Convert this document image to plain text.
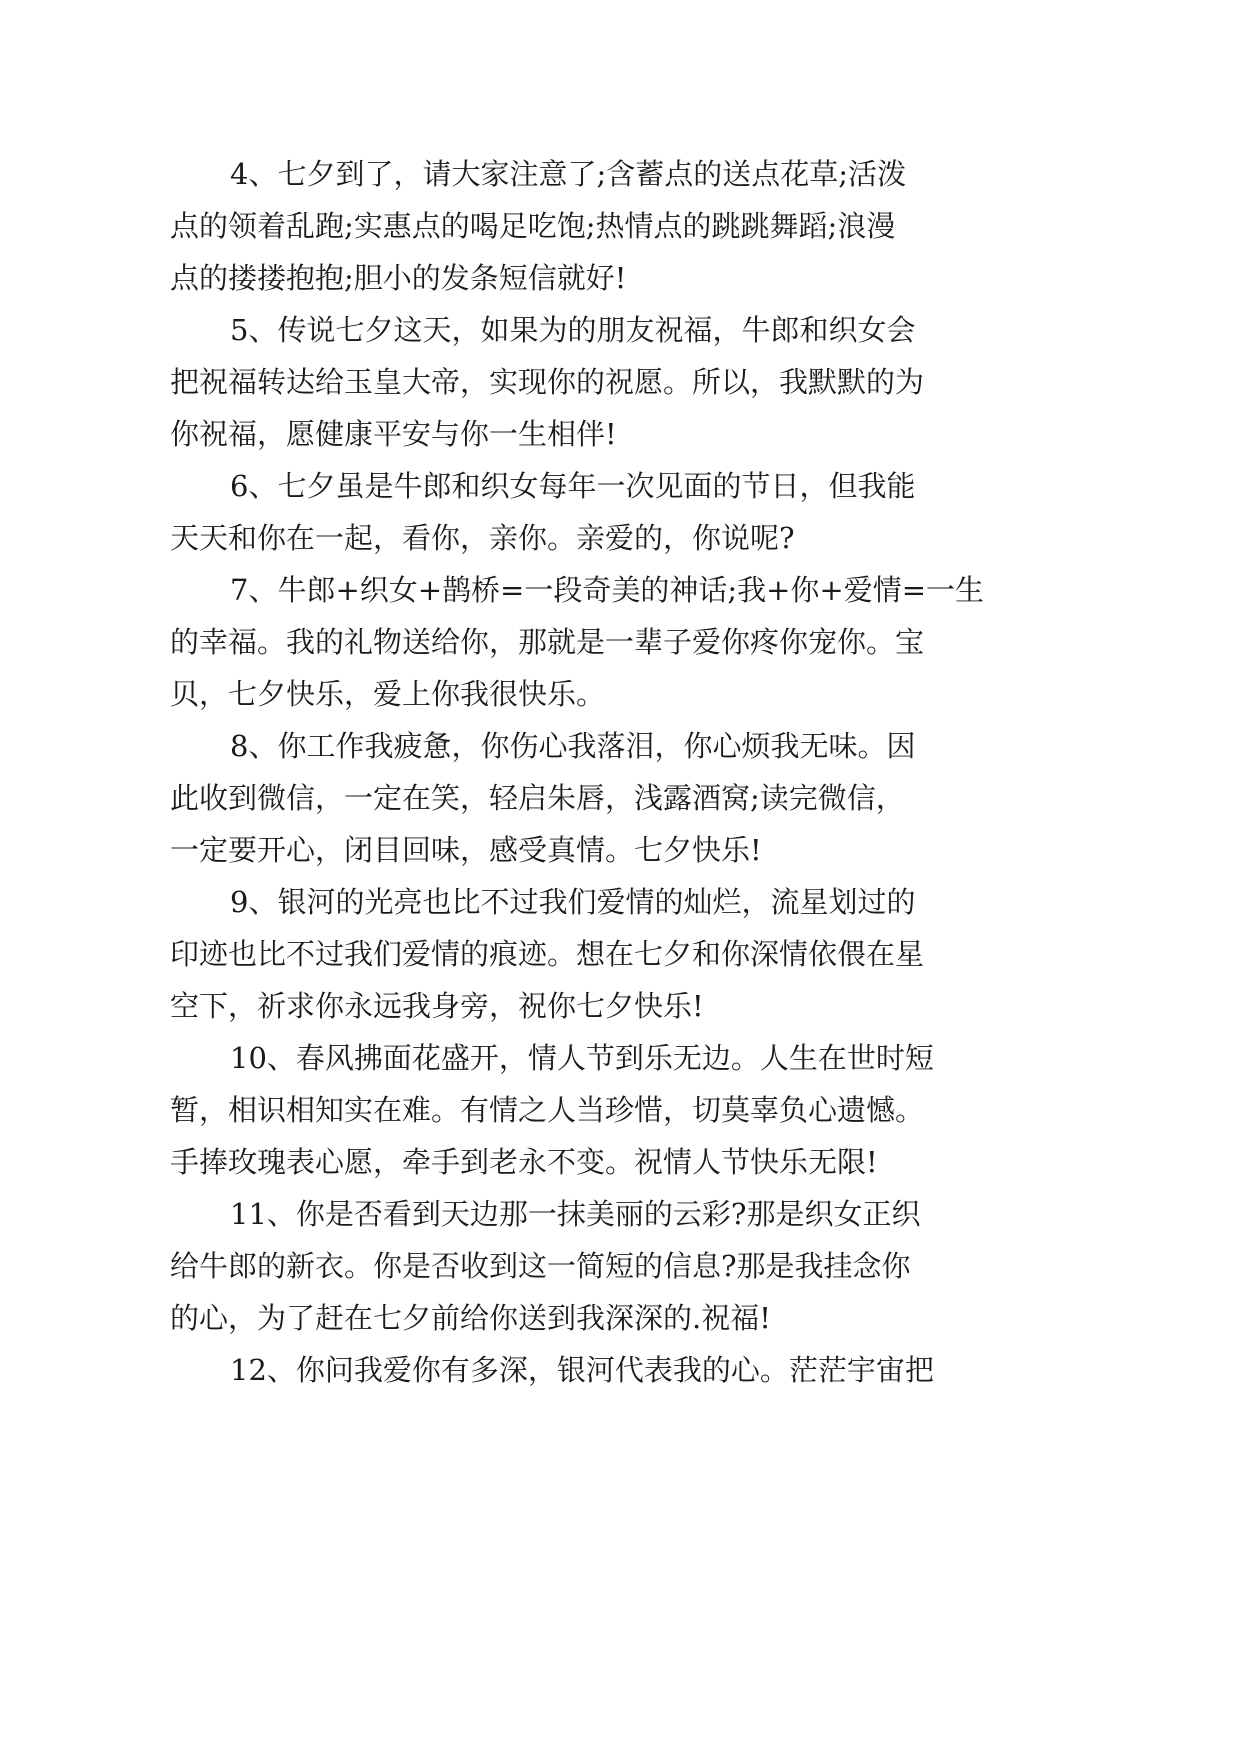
4、七夕到了，请大家注意了;含蓄点的送点花草;活泼
点的领着乱跑;实惠点的喝足吃饱;热情点的跳跳舞蹈;浪漫
点的搂搂抱抱;胆小的发条短信就好!
5、传说七夕这天，如果为的朋友祝福，牛郎和织女会
把祝福转达给玉皇大帝，实现你的祝愿。所以，我默默的为
你祝福，愿健康平安与你一生相伴!
6、七夕虽是牛郎和织女每年一次见面的节日，但我能
天天和你在一起，看你，亲你。亲爱的，你说呢?
7、牛郎+织女+鹊桥=一段奇美的神话;我+你+爱情=一生
的幸福。我的礼物送给你，那就是一辈子爱你疼你宠你。宝
贝，七夕快乐，爱上你我很快乐。
8、你工作我疲惫，你伤心我落泪，你心烦我无味。因
此收到微信，一定在笑，轻启朱唇，浅露酒窝;读完微信，
一定要开心，闭目回味，感受真情。七夕快乐!
9、银河的光亮也比不过我们爱情的灿烂，流星划过的
印迹也比不过我们爱情的痕迹。想在七夕和你深情依偎在星
空下，祈求你永远我身旁，祝你七夕快乐!
10、春风拂面花盛开，情人节到乐无边。人生在世时短
暂，相识相知实在难。有情之人当珍惜，切莫辜负心遗憾。
手捧玫瑰表心愿，牵手到老永不变。祝情人节快乐无限!
11、你是否看到天边那一抹美丽的云彩?那是织女正织
给牛郎的新衣。你是否收到这一简短的信息?那是我挂念你
的心，为了赶在七夕前给你送到我深深的.祝福!
12、你问我爱你有多深，银河代表我的心。茫茫宇宙把
